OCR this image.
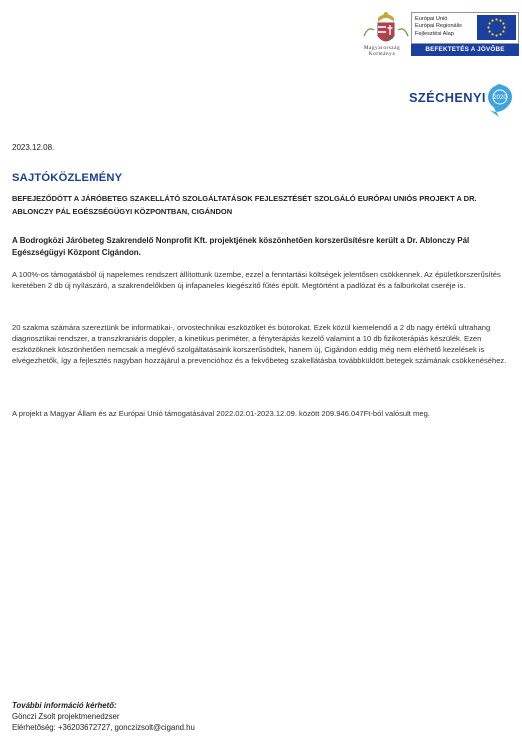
Magyarország
Kormánya
Európai Unió
Európai Regionális
Fejlesztési Alap
BEFEKTETÉS A JÖVŐBE
SZÉCHENYI 2020
2023.12.08.
SAJTÓKÖZLEMÉNY
BEFEJEZŐDÖTT A JÁRÓBETEG SZAKELLÁTÓ SZOLGÁLTATÁSOK FEJLESZTÉSÉT SZOLGÁLÓ EURÓPAI UNIÓS PROJEKT A DR. ABLONCZY PÁL EGÉSZSÉGÜGYI KÖZPONTBAN, CIGÁNDON
A Bodrogközi Járóbeteg Szakrendelő Nonprofit Kft. projektjének köszönhetően korszerűsítésre került a Dr. Ablonczy Pál Egészségügyi Központ Cigándon.

A 100%-os támogatásból új napelemes rendszert állítottunk üzembe, ezzel a fenntartási költségek jelentősen csökkennek. Az épületkorszerűsítés keretében 2 db új nyílászáró, a szakrendelőkben új infapaneles kiegészítő fűtés épült. Megtörtént a padlózat és a falburkolat cseréje is.

20 szakma számára szereztünk be informatikai-, orvostechnikai eszközöket és bútorokat. Ezek közül kiemelendő a 2 db nagy értékű ultrahang diagnosztikai rendszer, a transzkraniáris doppler, a kinetikus periméter, a fényterápiás kezelő valamint a 10 db fizikoterápiás készülék. Ezen eszközöknek köszönhetően nemcsak a meglévő szolgáltatásaink korszerűsödtek, hanem új, Cigándon eddig még nem elérhető kezelések is elvégezhetők, így a fejlesztés nagyban hozzájárul a prevencióhoz és a fekvőbeteg szakellátásba továbbküldött betegek számának csökkenéséhez.

A projekt a Magyar Állam és az Európai Unió támogatásával 2022.02.01-2023.12.09. között 209.946.047Ft-ból valósult meg.

További információ kérhető:
Gönczi Zsolt projektmenedzser
Elérhetőség: +36203672727, gonczizsolt@cigand.hu
